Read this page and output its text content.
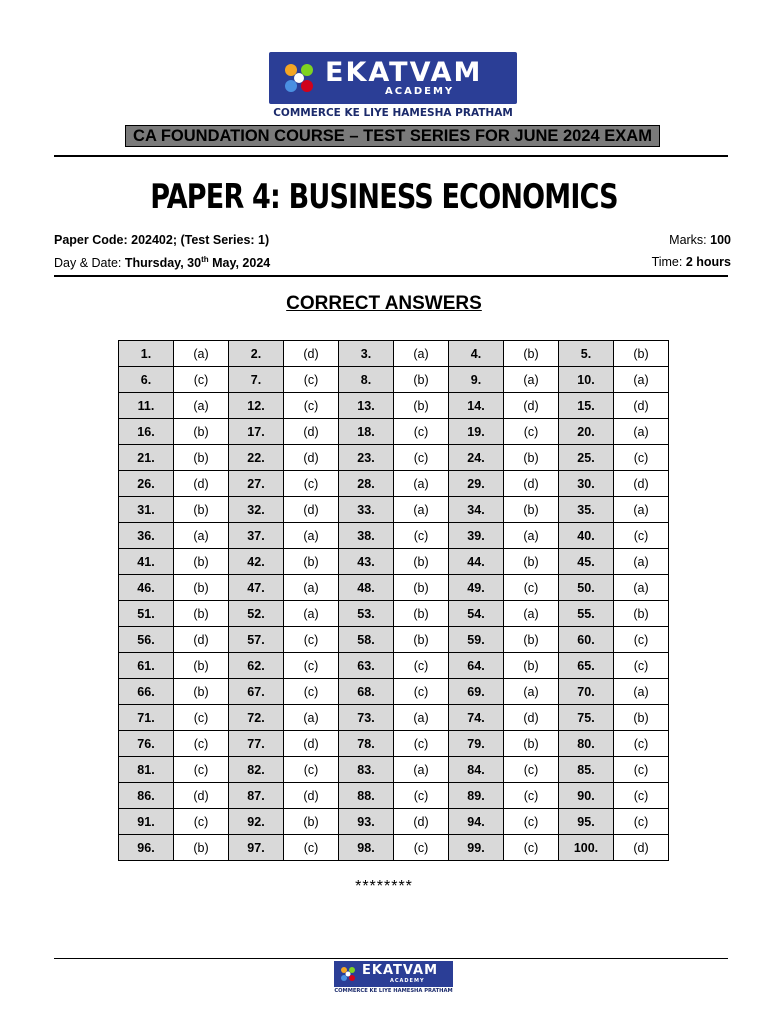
EKATVAM
ACADEMY
COMMERCE KE LIYE HAMESHA PRATHAM
CA FOUNDATION COURSE – TEST SERIES FOR JUNE 2024 EXAM
PAPER 4: BUSINESS ECONOMICS
Paper Code: 202402; (Test Series: 1)	Marks: 100
Day & Date: Thursday, 30th May, 2024	Time: 2 hours
CORRECT ANSWERS
1.	(a)	2.	(d)	3.	(a)	4.	(b)	5.	(b)
6.	(c)	7.	(c)	8.	(b)	9.	(a)	10.	(a)
11.	(a)	12.	(c)	13.	(b)	14.	(d)	15.	(d)
16.	(b)	17.	(d)	18.	(c)	19.	(c)	20.	(a)
21.	(b)	22.	(d)	23.	(c)	24.	(b)	25.	(c)
26.	(d)	27.	(c)	28.	(a)	29.	(d)	30.	(d)
31.	(b)	32.	(d)	33.	(a)	34.	(b)	35.	(a)
36.	(a)	37.	(a)	38.	(c)	39.	(a)	40.	(c)
41.	(b)	42.	(b)	43.	(b)	44.	(b)	45.	(a)
46.	(b)	47.	(a)	48.	(b)	49.	(c)	50.	(a)
51.	(b)	52.	(a)	53.	(b)	54.	(a)	55.	(b)
56.	(d)	57.	(c)	58.	(b)	59.	(b)	60.	(c)
61.	(b)	62.	(c)	63.	(c)	64.	(b)	65.	(c)
66.	(b)	67.	(c)	68.	(c)	69.	(a)	70.	(a)
71.	(c)	72.	(a)	73.	(a)	74.	(d)	75.	(b)
76.	(c)	77.	(d)	78.	(c)	79.	(b)	80.	(c)
81.	(c)	82.	(c)	83.	(a)	84.	(c)	85.	(c)
86.	(d)	87.	(d)	88.	(c)	89.	(c)	90.	(c)
91.	(c)	92.	(b)	93.	(d)	94.	(c)	95.	(c)
96.	(b)	97.	(c)	98.	(c)	99.	(c)	100.	(d)
********
EKATVAM
ACADEMY
COMMERCE KE LIYE HAMESHA PRATHAM
